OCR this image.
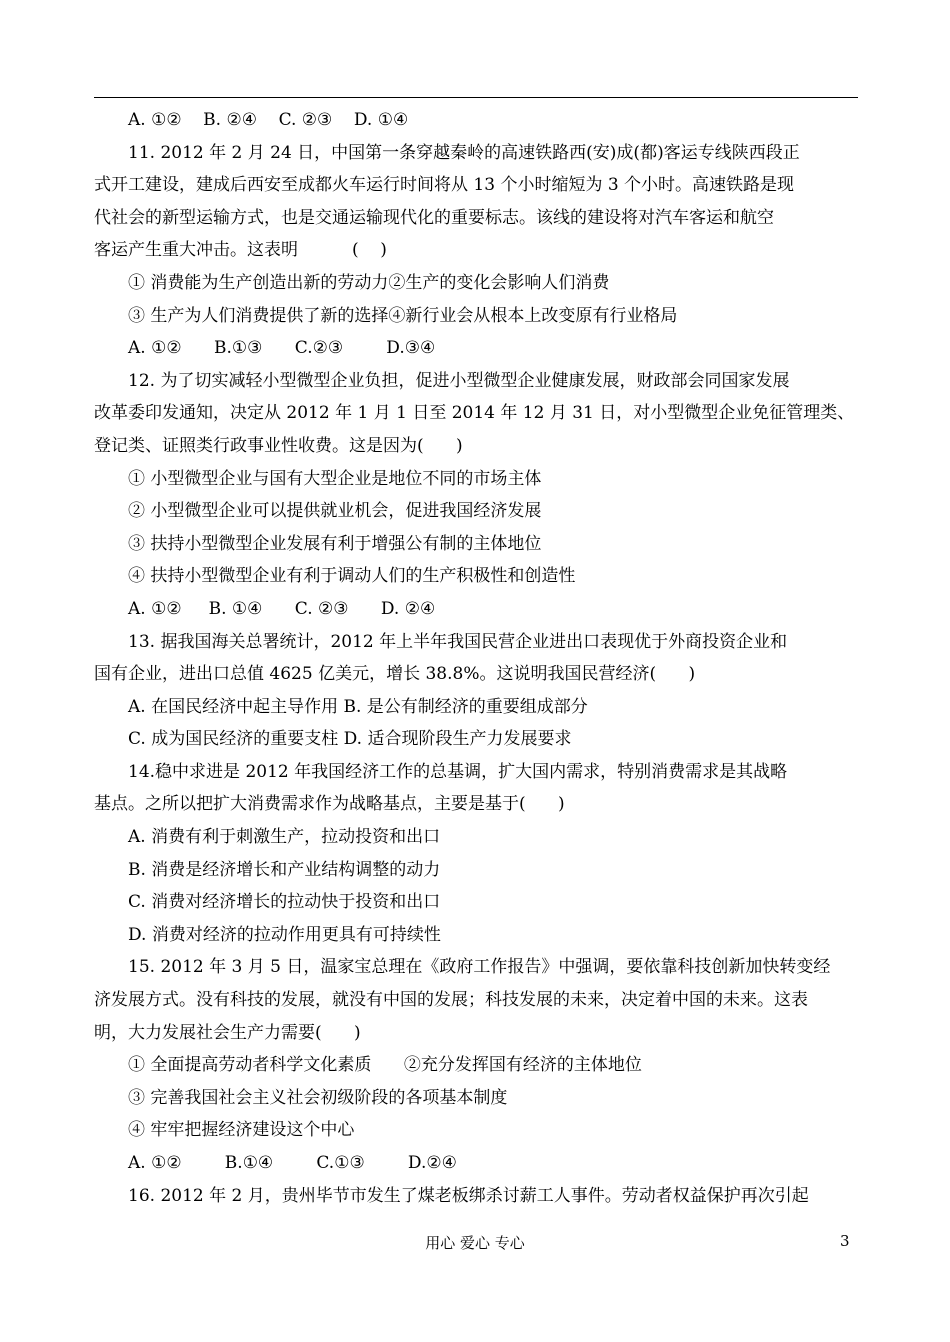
A. ①②    B. ②④    C. ②③    D. ①④
11. 2012 年 2 月 24 日，中国第一条穿越秦岭的高速铁路西(安)成(都)客运专线陕西段正
式开工建设，建成后西安至成都火车运行时间将从 13 个小时缩短为 3 个小时。高速铁路是现
代社会的新型运输方式，也是交通运输现代化的重要标志。该线的建设将对汽车客运和航空
客运产生重大冲击。这表明          (    )
① 消费能为生产创造出新的劳动力②生产的变化会影响人们消费
③ 生产为人们消费提供了新的选择④新行业会从根本上改变原有行业格局
A. ①②      B.①③      C.②③        D.③④
12. 为了切实减轻小型微型企业负担，促进小型微型企业健康发展，财政部会同国家发展
改革委印发通知，决定从 2012 年 1 月 1 日至 2014 年 12 月 31 日，对小型微型企业免征管理类、
登记类、证照类行政事业性收费。这是因为(      )
① 小型微型企业与国有大型企业是地位不同的市场主体
② 小型微型企业可以提供就业机会，促进我国经济发展
③ 扶持小型微型企业发展有利于增强公有制的主体地位
④ 扶持小型微型企业有利于调动人们的生产积极性和创造性
A. ①②     B. ①④      C. ②③      D. ②④
13. 据我国海关总署统计，2012 年上半年我国民营企业进出口表现优于外商投资企业和
国有企业，进出口总值 4625 亿美元，增长 38.8%。这说明我国民营经济(      )
A. 在国民经济中起主导作用 B. 是公有制经济的重要组成部分
C. 成为国民经济的重要支柱 D. 适合现阶段生产力发展要求
14.稳中求进是 2012 年我国经济工作的总基调，扩大国内需求，特别消费需求是其战略
基点。之所以把扩大消费需求作为战略基点，主要是基于(      )
A. 消费有利于刺激生产，拉动投资和出口
B. 消费是经济增长和产业结构调整的动力
C. 消费对经济增长的拉动快于投资和出口
D. 消费对经济的拉动作用更具有可持续性
15. 2012 年 3 月 5 日，温家宝总理在《政府工作报告》中强调，要依靠科技创新加快转变经
济发展方式。没有科技的发展，就没有中国的发展；科技发展的未来，决定着中国的未来。这表
明，大力发展社会生产力需要(      )
① 全面提高劳动者科学文化素质      ②充分发挥国有经济的主体地位
③ 完善我国社会主义社会初级阶段的各项基本制度
④ 牢牢把握经济建设这个中心
A. ①②        B.①④        C.①③        D.②④
16. 2012 年 2 月，贵州毕节市发生了煤老板绑杀讨薪工人事件。劳动者权益保护再次引起
用心 爱心 专心	3
